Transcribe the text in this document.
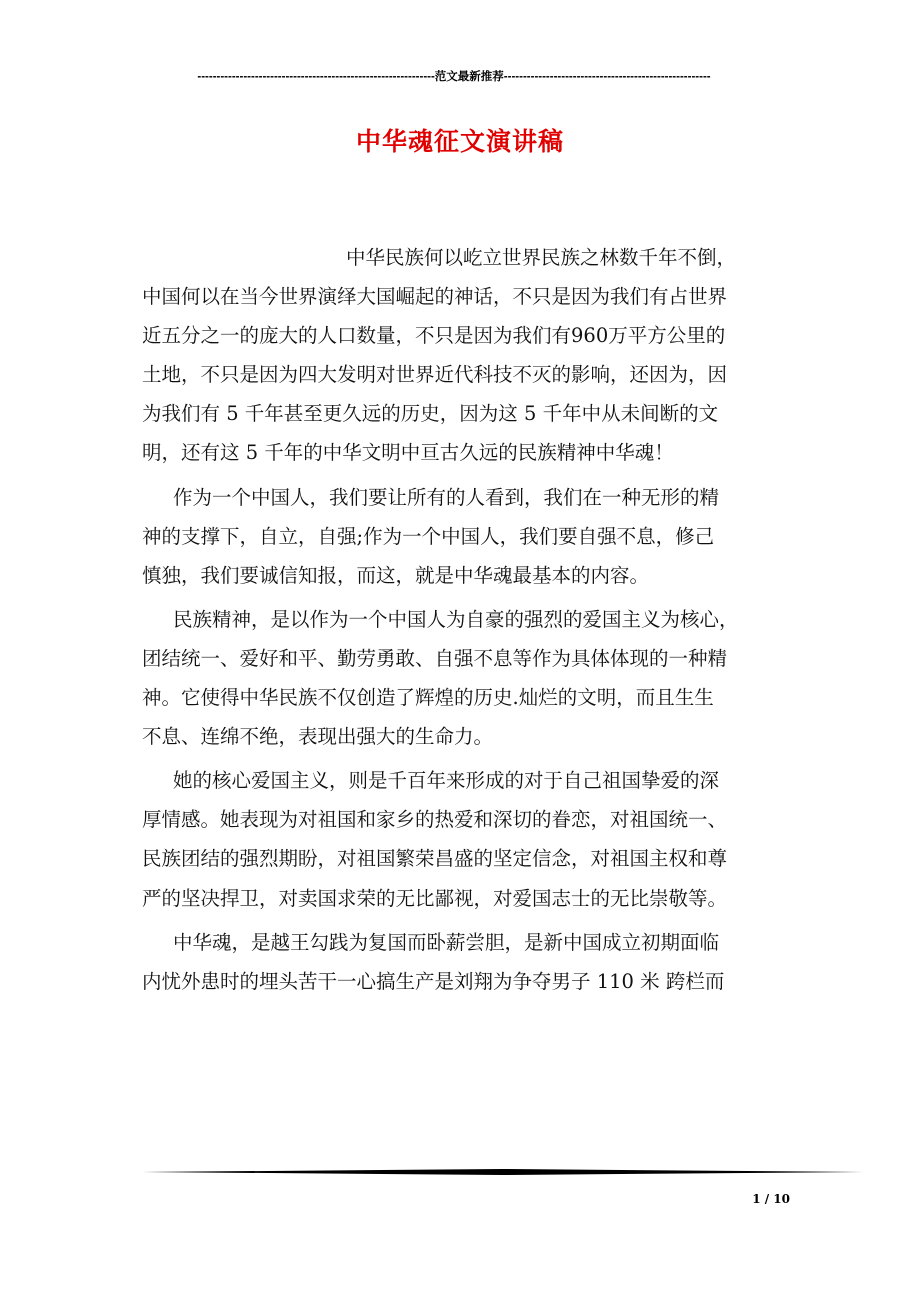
--------------------------------------------------------------范文最新推荐------------------------------------------------------
中华魂征文演讲稿
中华民族何以屹立世界民族之林数千年不倒，
中国何以在当今世界演绎大国崛起的神话，不只是因为我们有占世界
近五分之一的庞大的人口数量，不只是因为我们有960万平方公里的
土地，不只是因为四大发明对世界近代科技不灭的影响，还因为，因
为我们有 5 千年甚至更久远的历史，因为这 5 千年中从未间断的文
明，还有这 5 千年的中华文明中亘古久远的民族精神中华魂！
作为一个中国人，我们要让所有的人看到，我们在一种无形的精
神的支撑下，自立，自强;作为一个中国人，我们要自强不息，修己
慎独，我们要诚信知报，而这，就是中华魂最基本的内容。
民族精神，是以作为一个中国人为自豪的强烈的爱国主义为核心，
团结统一、爱好和平、勤劳勇敢、自强不息等作为具体体现的一种精
神。它使得中华民族不仅创造了辉煌的历史.灿烂的文明，而且生生
不息、连绵不绝，表现出强大的生命力。
她的核心爱国主义，则是千百年来形成的对于自己祖国挚爱的深
厚情感。她表现为对祖国和家乡的热爱和深切的眷恋，对祖国统一、
民族团结的强烈期盼，对祖国繁荣昌盛的坚定信念，对祖国主权和尊
严的坚决捍卫，对卖国求荣的无比鄙视，对爱国志士的无比崇敬等。
中华魂，是越王勾践为复国而卧薪尝胆，是新中国成立初期面临
内忧外患时的埋头苦干一心搞生产是刘翔为争夺男子 110 米 跨栏而
1 / 10
